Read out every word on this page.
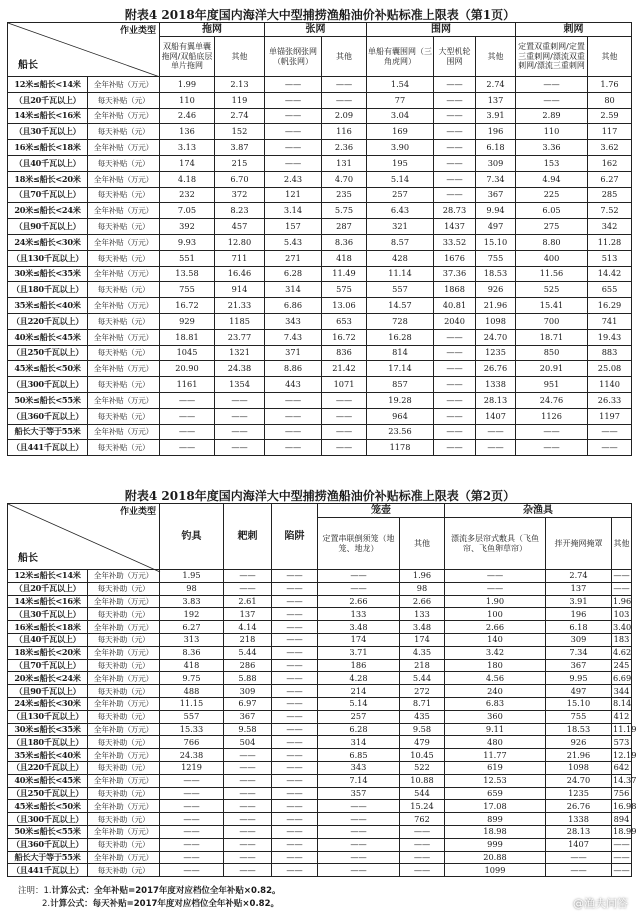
附表4 2018年度国内海洋大中型捕捞渔船油价补贴标准上限表（第1页）
作业类型
船长		拖网		张网		围网			刺网	
		双船有翼单囊拖网/双船底层单片拖网	其他	单锚张纲张网（帆张网）	其他	单船有囊围网（三角虎网）	大型机轮围网	其他	定置双重刺网/定置三重刺网/漂流双重刺网/漂流三重刺网	其他
12米≤船长<14米	全年补贴（万元）	1.99	2.13	——	——	1.54	——	2.74	——	1.76
（且20千瓦以上）	每天补贴（元）	110	119	——	——	77	——	137	——	80
14米≤船长<16米	全年补贴（万元）	2.46	2.74	——	2.09	3.04	——	3.91	2.89	2.59
（且30千瓦以上）	每天补贴（元）	136	152	——	116	169	——	196	110	117
16米≤船长<18米	全年补贴（万元）	3.13	3.87	——	2.36	3.90	——	6.18	3.36	3.62
（且40千瓦以上）	每天补贴（元）	174	215	——	131	195	——	309	153	162
18米≤船长<20米	全年补贴（万元）	4.18	6.70	2.43	4.70	5.14	——	7.34	4.94	6.27
（且70千瓦以上）	每天补贴（元）	232	372	121	235	257	——	367	225	285
20米≤船长<24米	全年补贴（万元）	7.05	8.23	3.14	5.75	6.43	28.73	9.94	6.05	7.52
（且90千瓦以上）	每天补贴（元）	392	457	157	287	321	1437	497	275	342
24米≤船长<30米	全年补贴（万元）	9.93	12.80	5.43	8.36	8.57	33.52	15.10	8.80	11.28
（且130千瓦以上）	每天补贴（元）	551	711	271	418	428	1676	755	400	513
30米≤船长<35米	全年补贴（万元）	13.58	16.46	6.28	11.49	11.14	37.36	18.53	11.56	14.42
（且180千瓦以上）	每天补贴（元）	755	914	314	575	557	1868	926	525	655
35米≤船长<40米	全年补贴（万元）	16.72	21.33	6.86	13.06	14.57	40.81	21.96	15.41	16.29
（且220千瓦以上）	每天补贴（元）	929	1185	343	653	728	2040	1098	700	741
40米≤船长<45米	全年补贴（万元）	18.81	23.77	7.43	16.72	16.28	——	24.70	18.71	19.43
（且250千瓦以上）	每天补贴（元）	1045	1321	371	836	814	——	1235	850	883
45米≤船长<50米	全年补贴（万元）	20.90	24.38	8.86	21.42	17.14	——	26.76	20.91	25.08
（且300千瓦以上）	每天补贴（元）	1161	1354	443	1071	857	——	1338	951	1140
50米≤船长<55米	全年补贴（万元）	——	——	——	——	19.28	——	28.13	24.76	26.33
（且360千瓦以上）	每天补贴（元）	——	——	——	——	964	——	1407	1126	1197
船长大于等于55米	全年补贴（万元）	——	——	——	——	23.56	——	——	——	——
（且441千瓦以上）	每天补贴（元）	——	——	——	——	1178	——	——	——	——
附表4 2018年度国内海洋大中型捕捞渔船油价补贴标准上限表（第2页）
作业类型
船长		钓具	耙刺	陷阱	笼壶		杂渔具		
					定置串联倒须笼（地笼、地龙）	其他	漂流多层帘式敷具（飞鱼帘、飞鱼卵草帘）	拌开掩网掩罩	其他
12米≤船长<14米	全年补助（万元）	1.95	——	——	——	1.96	——	2.74	——
（且20千瓦以上）	每天补助（元）	98	——	——	——	98	——	137	——
14米≤船长<16米	全年补助（万元）	3.83	2.61	——	2.66	2.66	1.90	3.91	1.96
（且30千瓦以上）	每天补助（元）	192	137	——	133	133	100	196	103
16米≤船长<18米	全年补助（万元）	6.27	4.14	——	3.48	3.48	2.66	6.18	3.40
（且40千瓦以上）	每天补助（元）	313	218	——	174	174	140	309	183
18米≤船长<20米	全年补助（万元）	8.36	5.44	——	3.71	4.35	3.42	7.34	4.62
（且70千瓦以上）	每天补助（元）	418	286	——	186	218	180	367	245
20米≤船长<24米	全年补助（万元）	9.75	5.88	——	4.28	5.44	4.56	9.95	6.69
（且90千瓦以上）	每天补助（元）	488	309	——	214	272	240	497	344
24米≤船长<30米	全年补助（万元）	11.15	6.97	——	5.14	8.71	6.83	15.10	8.14
（且130千瓦以上）	每天补助（元）	557	367	——	257	435	360	755	412
30米≤船长<35米	全年补助（万元）	15.33	9.58	——	6.28	9.58	9.11	18.53	11.19
（且180千瓦以上）	每天补助（元）	766	504	——	314	479	480	926	573
35米≤船长<40米	全年补助（万元）	24.38	——	——	6.85	10.45	11.77	21.96	12.19
（且220千瓦以上）	每天补助（元）	1219	——	——	343	522	619	1098	642
40米≤船长<45米	全年补助（万元）	——	——	——	7.14	10.88	12.53	24.70	14.37
（且250千瓦以上）	每天补助（元）	——	——	——	357	544	659	1235	756
45米≤船长<50米	全年补助（万元）	——	——	——	——	15.24	17.08	26.76	16.98
（且300千瓦以上）	每天补助（元）	——	——	——	——	762	899	1338	894
50米≤船长<55米	全年补助（万元）	——	——	——	——	——	18.98	28.13	18.99
（且360千瓦以上）	每天补助（元）	——	——	——	——	——	999	1407	——
船长大于等于55米	全年补助（万元）	——	——	——	——	——	20.88	——	——
（且441千瓦以上）	每天补助（元）	——	——	——	——	——	1099	——	——
注明：1.计算公式：全年补贴=2017年度对应档位全年补贴×0.82。
2.计算公式：每天补贴=2017年度对应档位全年补贴×0.82。	@渔夫问答
